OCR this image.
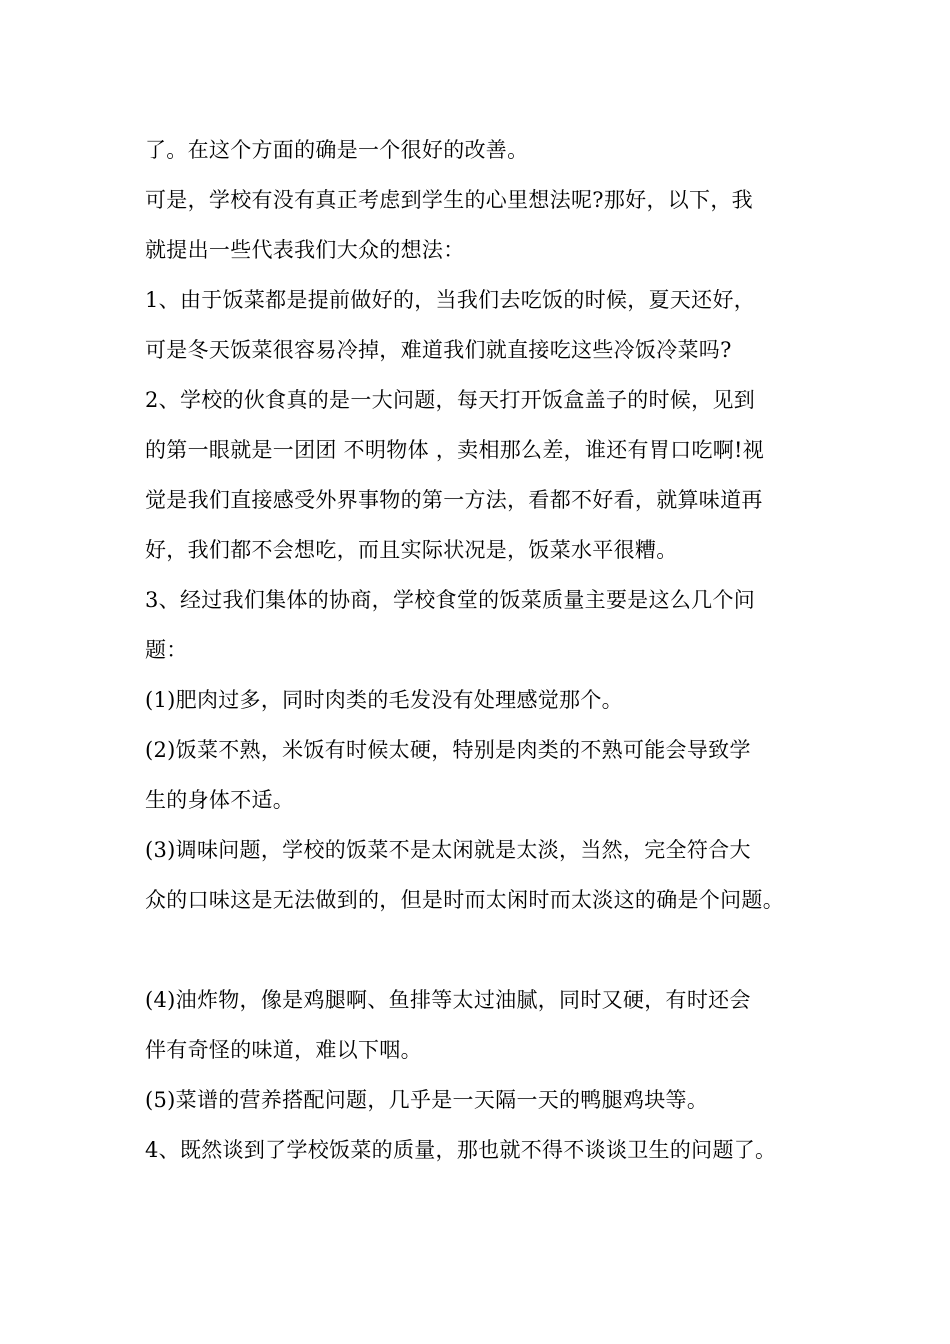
了。在这个方面的确是一个很好的改善。
可是，学校有没有真正考虑到学生的心里想法呢?那好，以下，我
就提出一些代表我们大众的想法：
1、由于饭菜都是提前做好的，当我们去吃饭的时候，夏天还好，
可是冬天饭菜很容易冷掉，难道我们就直接吃这些冷饭冷菜吗?
2、学校的伙食真的是一大问题，每天打开饭盒盖子的时候，见到
的第一眼就是一团团 不明物体 ，卖相那么差，谁还有胃口吃啊!视
觉是我们直接感受外界事物的第一方法，看都不好看，就算味道再
好，我们都不会想吃，而且实际状况是，饭菜水平很糟。
3、经过我们集体的协商，学校食堂的饭菜质量主要是这么几个问
题：
(1)肥肉过多，同时肉类的毛发没有处理感觉那个。
(2)饭菜不熟，米饭有时候太硬，特别是肉类的不熟可能会导致学
生的身体不适。
(3)调味问题，学校的饭菜不是太闲就是太淡，当然，完全符合大
众的口味这是无法做到的，但是时而太闲时而太淡这的确是个问题。
(4)油炸物，像是鸡腿啊、鱼排等太过油腻，同时又硬，有时还会
伴有奇怪的味道，难以下咽。
(5)菜谱的营养搭配问题，几乎是一天隔一天的鸭腿鸡块等。
4、既然谈到了学校饭菜的质量，那也就不得不谈谈卫生的问题了。
